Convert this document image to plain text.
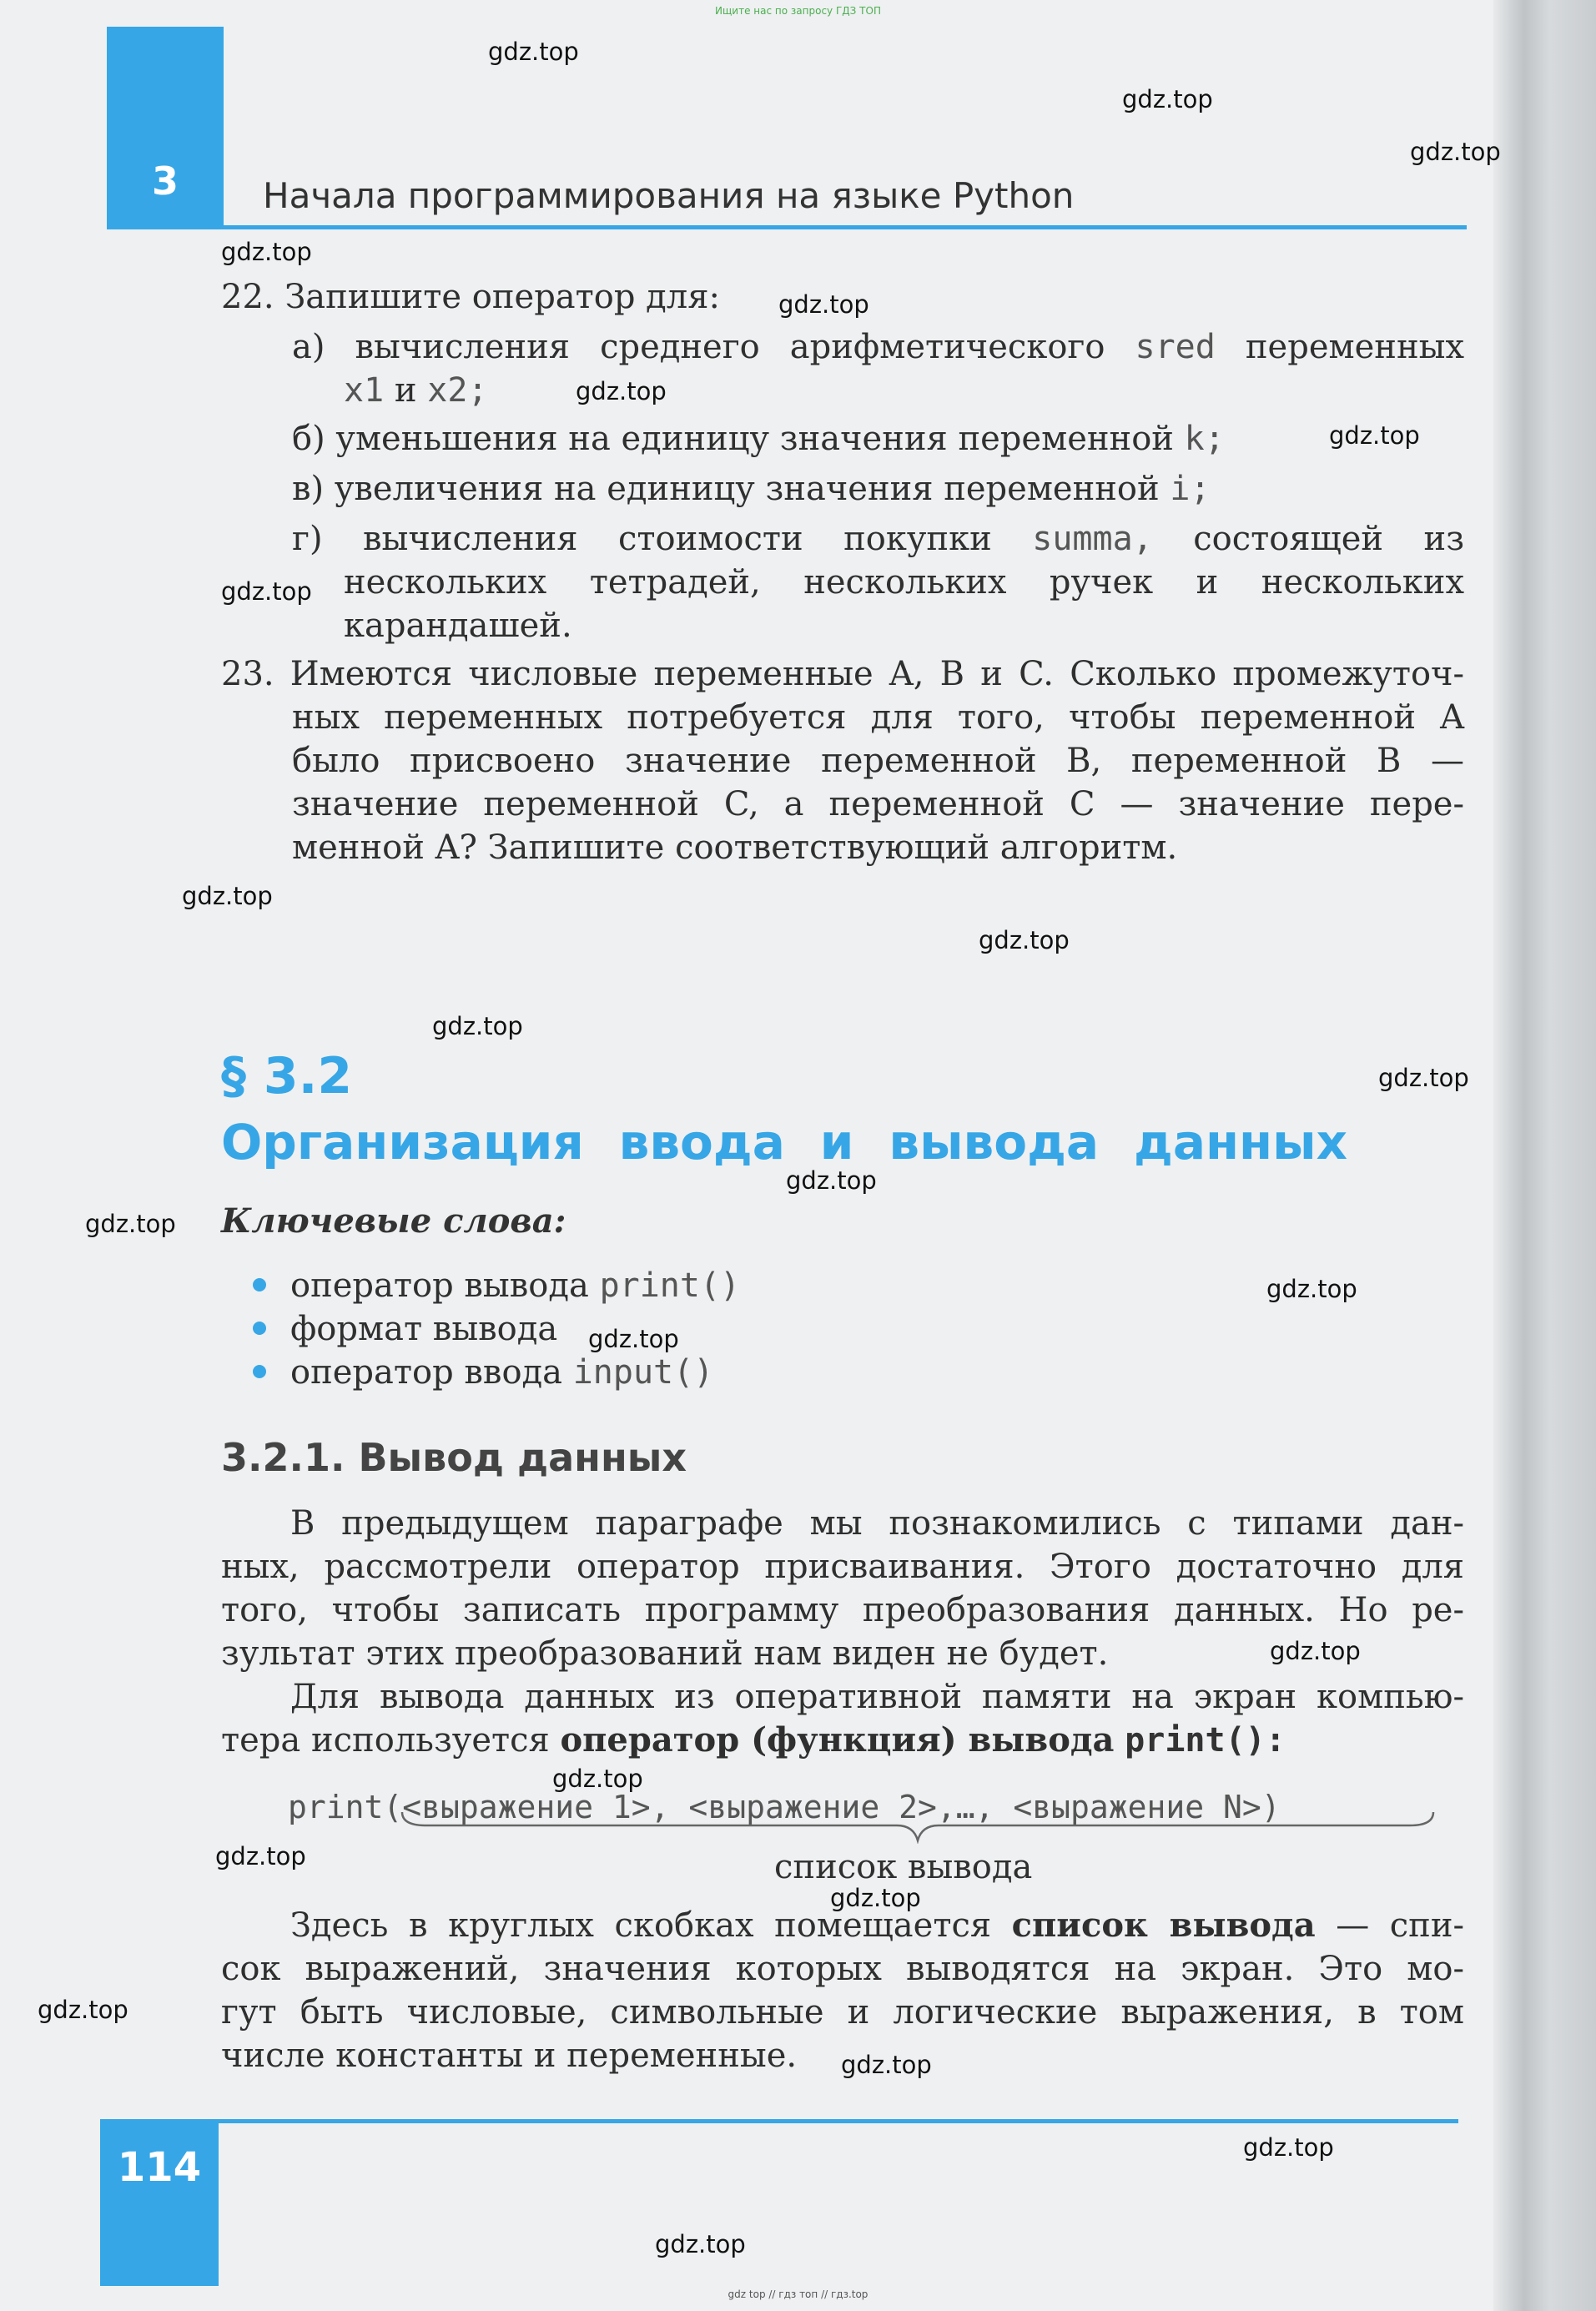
Ищите нас по запросу ГДЗ ТОП
3	Начала программирования на языке Python
22. Запишите оператор для:
а) вычисления среднего арифметического sred переменных
x1 и x2;
б) уменьшения на единицу значения переменной k;
в) увеличения на единицу значения переменной i;
г) вычисления стоимости покупки summa, состоящей из
нескольких тетрадей, нескольких ручек и нескольких
карандашей.
23. Имеются числовые переменные A, B и C. Сколько промежуточ-
ных переменных потребуется для того, чтобы переменной A
было присвоено значение переменной B, переменной B —
значение переменной C, а переменной C — значение пере-
менной A? Запишите соответствующий алгоритм.
§ 3.2
Организация ввода и вывода данных
Ключевые слова:
оператор вывода print()
формат вывода
оператор ввода input()
3.2.1. Вывод данных
В предыдущем параграфе мы познакомились с типами дан-
ных, рассмотрели оператор присваивания. Этого достаточно для
того, чтобы записать программу преобразования данных. Но ре-
зультат этих преобразований нам виден не будет.
Для вывода данных из оперативной памяти на экран компью-
тера используется оператор (функция) вывода print():
print(<выражение 1>, <выражение 2>,…, <выражение N>)
список вывода
Здесь в круглых скобках помещается список вывода — спи-
сок выражений, значения которых выводятся на экран. Это мо-
гут быть числовые, символьные и логические выражения, в том
числе константы и переменные.
114
gdz top // гдз топ // гдз.top
gdz.top
gdz.top
gdz.top
gdz.top
gdz.top
gdz.top
gdz.top
gdz.top
gdz.top
gdz.top
gdz.top
gdz.top
gdz.top
gdz.top
gdz.top
gdz.top
gdz.top
gdz.top
gdz.top
gdz.top
gdz.top
gdz.top
gdz.top
gdz.top
